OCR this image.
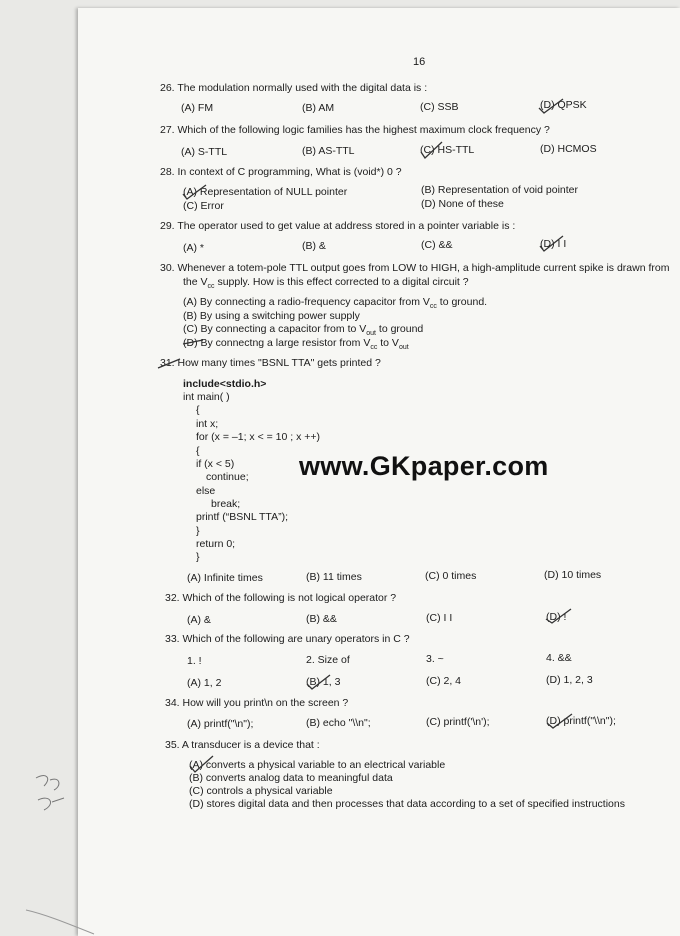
16
26. The modulation normally used with the digital data is :
(A) FM	(B) AM	(C) SSB	(D) QPSK
27. Which of the following logic families has the highest maximum clock frequency ?
(A) S-TTL	(B) AS-TTL	(C) HS-TTL	(D) HCMOS
28. In context of C programming, What is (void*) 0 ?
(A) Representation of NULL pointer	(B) Representation of void pointer
(C) Error	(D) None of these
29. The operator used to get value at address stored in a pointer variable is :
(A) *	(B) &	(C) &&	(D) I I
30. Whenever a totem-pole TTL output goes from LOW to HIGH, a high-amplitude current spike is drawn from
the $V_{cc}$ supply. How is this effect corrected to a digital circuit ?
(A) By connecting a radio-frequency capacitor from $V_{cc}$ to ground.
(B) By using a switching power supply
(C) By connecting a capacitor from to $V_{out}$ to ground
(D) By connectng a large resistor from $V_{cc}$ to $V_{out}$
31. How many times "BSNL TTA" gets printed ?
include<stdio.h>
int main( )
{
int x;
for (x = –1; x < = 10 ; x ++)
{
if (x < 5)
continue;
else
break;
printf (“BSNL TTA”);
}
return 0;
}
www.GKpaper.com
(A) Infinite times	(B) 11 times	(C) 0 times	(D) 10 times
32. Which of the following is not logical operator ?
(A) &	(B) &&	(C) I I	(D) !
33. Which of the following are unary operators in C ?
1. !	2. Size of	3. ~	4. &&
(A) 1, 2	(B) 1, 3	(C) 2, 4	(D) 1, 2, 3
34. How will you print\n on the screen ?
(A) printf("\n");	(B) echo "\\n";	(C) printf('\n');	(D) printf("\\n");
35. A transducer is a device that :
(A) converts a physical variable to an electrical variable
(B) converts analog data to meaningful data
(C) controls a physical variable
(D) stores digital data and then processes that data according to a set of specified instructions
